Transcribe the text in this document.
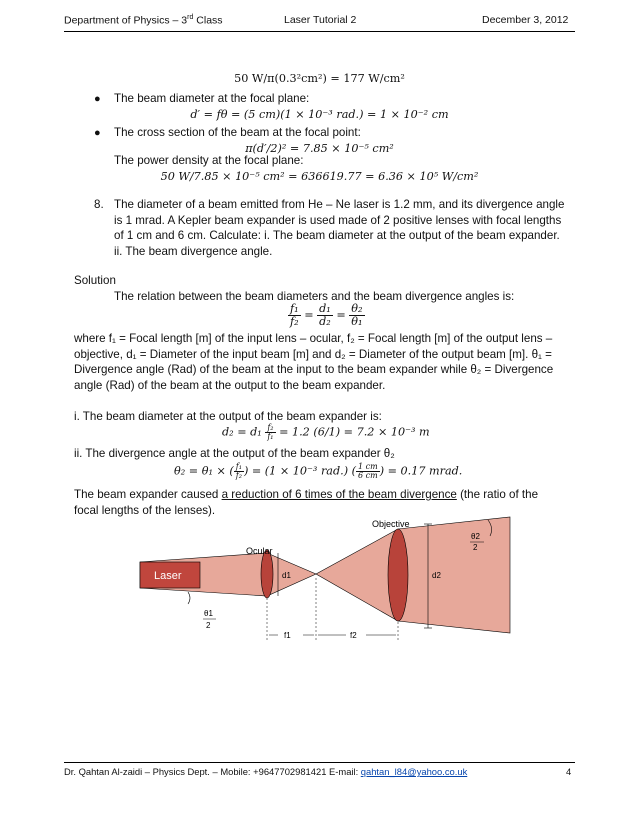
Department of Physics – 3rd Class	Laser Tutorial 2	December 3, 2012
50 W/π(0.3²cm²) = 177 W/cm²
● The beam diameter at the focal plane:
d′ = fθ = (5 cm)(1 × 10⁻³ rad.) = 1 × 10⁻² cm
● The cross section of the beam at the focal point:
π(d′/2)² = 7.85 × 10⁻⁵ cm²
The power density at the focal plane:
50 W/7.85 × 10⁻⁵ cm² = 636619.77 = 6.36 × 10⁵ W/cm²
8. The diameter of a beam emitted from He – Ne laser is 1.2 mm, and its divergence angle
is 1 mrad. A Kepler beam expander is used made of 2 positive lenses with focal lengths
of 1 cm and 6 cm. Calculate: i. The beam diameter at the output of the beam expander.
ii. The beam divergence angle.
Solution
The relation between the beam diameters and the beam divergence angles is:
$\frac{\text{f₁}}{\text{f₂}} = \frac{\text{d₁}}{\text{d₂}} = \frac{\text{θ₂}}{\text{θ₁}}$
where f₁ = Focal length [m] of the input lens – ocular, f₂ = Focal length [m] of the output lens –
objective, d₁ = Diameter of the input beam [m] and d₂ = Diameter of the output beam [m]. θ₁ =
Divergence angle (Rad) of the beam at the input to the beam expander while θ₂ = Divergence
angle (Rad) of the beam at the output to the beam expander.
i. The beam diameter at the output of the beam expander is:
$d_2 = d_1 \frac{\text{f₂}}{\text{f₁}} = 1.2$ (6/1) = 7.2 × 10⁻³ m
ii. The divergence angle at the output of the beam expander θ₂
θ₂ = θ₁ × ( $\frac{\text{f₁}}{\text{f₂}}$ ) = (1 × 10⁻³ rad.) ( $\frac{1 cm}{6 cm}$ ) = 0.17 mrad.
The beam expander caused a reduction of 6 times of the beam divergence (the ratio of the
focal lengths of the lenses).
Laser
Ocular
d1
Objective
d2
θ2
2
θ1
2
f1	f2
Dr. Qahtan Al-zaidi – Physics Dept. – Mobile: +9647702981421 E-mail: qahtan_l84@yahoo.co.uk	4
